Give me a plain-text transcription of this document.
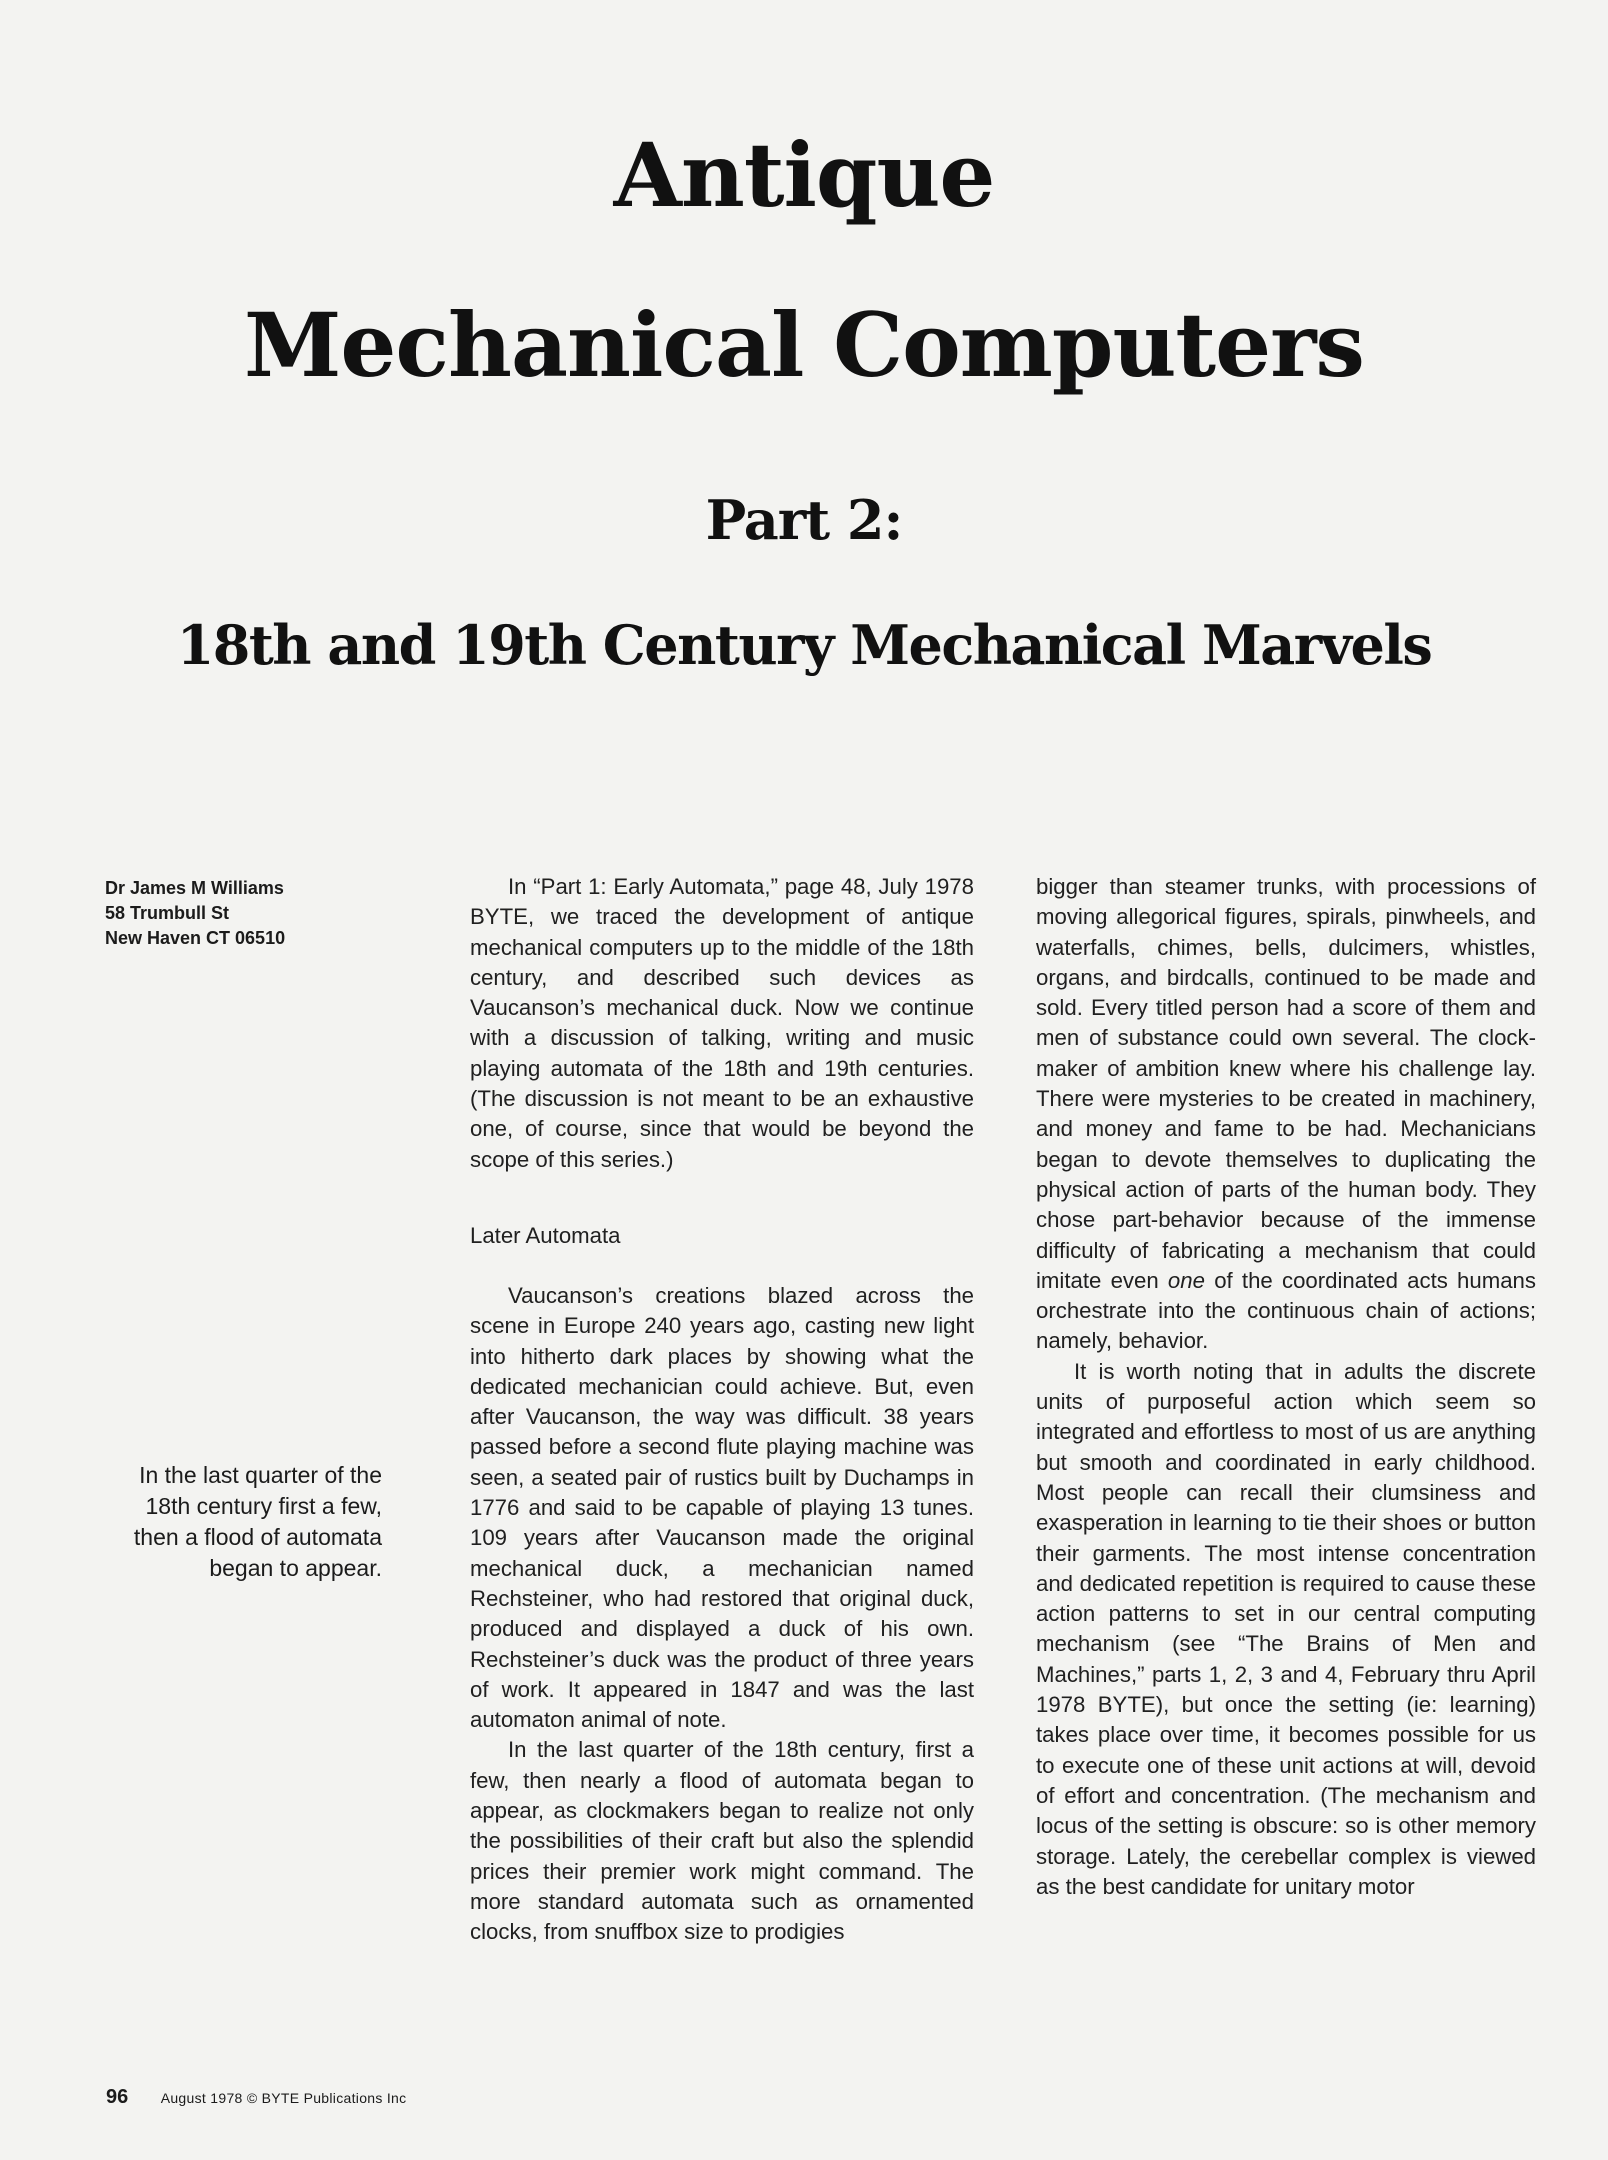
Antique
Mechanical Computers
Part 2:
18th and 19th Century Mechanical Marvels
Dr James M Williams
58 Trumbull St
New Haven CT 06510
In the last quarter of the
18th century first a few,
then a flood of automata
began to appear.

In “Part 1: Early Automata,” page 48, July 1978 BYTE, we traced the development of antique mechanical computers up to the middle of the 18th century, and described such devices as Vaucanson’s mechanical duck. Now we continue with a discussion of talking, writing and music playing automata of the 18th and 19th centuries. (The discussion is not meant to be an exhaustive one, of course, since that would be beyond the scope of this series.)

Later Automata

Vaucanson’s creations blazed across the scene in Europe 240 years ago, casting new light into hitherto dark places by showing what the dedicated mechanician could achieve. But, even after Vaucanson, the way was difficult. 38 years passed before a second flute playing machine was seen, a seated pair of rustics built by Duchamps in 1776 and said to be capable of playing 13 tunes. 109 years after Vaucanson made the original mechanical duck, a mechanician named Rechsteiner, who had restored that original duck, produced and displayed a duck of his own. Rechsteiner’s duck was the product of three years of work. It appeared in 1847 and was the last automaton animal of note.

In the last quarter of the 18th century, first a few, then nearly a flood of automata began to appear, as clockmakers began to realize not only the possibilities of their craft but also the splendid prices their premier work might command. The more standard automata such as ornamented clocks, from snuffbox size to prodigies

bigger than steamer trunks, with processions of moving allegorical figures, spirals, pinwheels, and waterfalls, chimes, bells, dulcimers, whistles, organs, and birdcalls, continued to be made and sold. Every titled person had a score of them and men of substance could own several. The clockmaker of ambition knew where his challenge lay. There were mysteries to be created in machinery, and money and fame to be had. Mechanicians began to devote themselves to duplicating the physical action of parts of the human body. They chose part-behavior because of the immense difficulty of fabricating a mechanism that could imitate even one of the coordinated acts humans orchestrate into the continuous chain of actions; namely, behavior.

It is worth noting that in adults the discrete units of purposeful action which seem so integrated and effortless to most of us are anything but smooth and coordinated in early childhood. Most people can recall their clumsiness and exasperation in learning to tie their shoes or button their garments. The most intense concentration and dedicated repetition is required to cause these action patterns to set in our central computing mechanism (see “The Brains of Men and Machines,” parts 1, 2, 3 and 4, February thru April 1978 BYTE), but once the setting (ie: learning) takes place over time, it becomes possible for us to execute one of these unit actions at will, devoid of effort and concentration. (The mechanism and locus of the setting is obscure: so is other memory storage. Lately, the cerebellar complex is viewed as the best candidate for unitary motor

96 August 1978 © BYTE Publications Inc
